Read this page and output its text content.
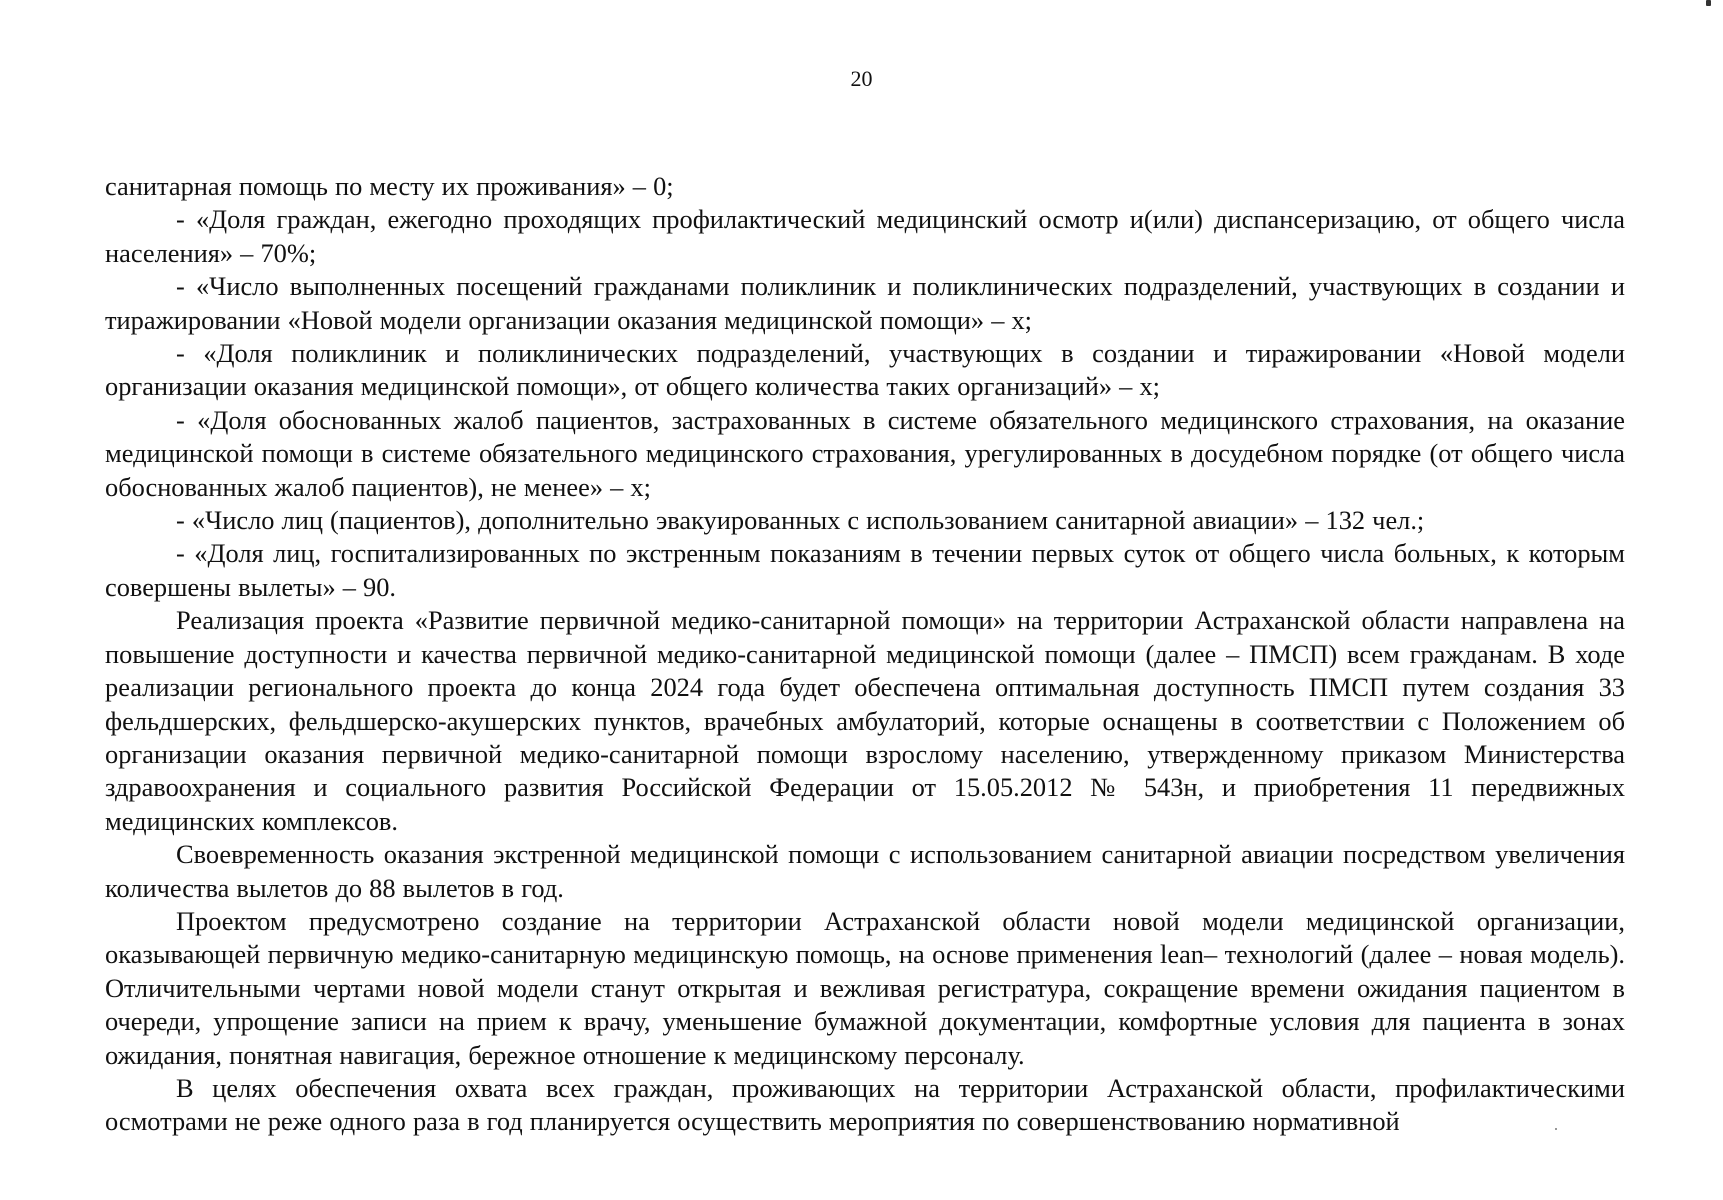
20

санитарная помощь по месту их проживания» – 0;

- «Доля граждан, ежегодно проходящих профилактический медицинский осмотр и(или) диспансеризацию, от общего числа населения» – 70%;

- «Число выполненных посещений гражданами поликлиник и поликлинических подразделений, участвующих в создании и тиражировании «Новой модели организации оказания медицинской помощи» – х;

- «Доля поликлиник и поликлинических подразделений, участвующих в создании и тиражировании «Новой модели организации оказания медицинской помощи», от общего количества таких организаций» – х;

- «Доля обоснованных жалоб пациентов, застрахованных в системе обязательного медицинского страхования, на оказание медицинской помощи в системе обязательного медицинского страхования, урегулированных в досудебном порядке (от общего числа обоснованных жалоб пациентов), не менее» – х;

- «Число лиц (пациентов), дополнительно эвакуированных с использованием санитарной авиации» – 132 чел.;

- «Доля лиц, госпитализированных по экстренным показаниям в течении первых суток от общего числа больных, к которым совершены вылеты» – 90.

Реализация проекта «Развитие первичной медико-санитарной помощи» на территории Астраханской области направлена на повышение доступности и качества первичной медико-санитарной медицинской помощи (далее – ПМСП) всем гражданам. В ходе реализации регионального проекта до конца 2024 года будет обеспечена оптимальная доступность ПМСП путем создания 33 фельдшерских, фельдшерско-акушерских пунктов, врачебных амбулаторий, которые оснащены в соответствии с Положением об организации оказания первичной медико-санитарной помощи взрослому населению, утвержденному приказом Министерства здравоохранения и социального развития Российской Федерации от 15.05.2012 № 543н, и приобретения 11 передвижных медицинских комплексов.

Своевременность оказания экстренной медицинской помощи с использованием санитарной авиации посредством увеличения количества вылетов до 88 вылетов в год.

Проектом предусмотрено создание на территории Астраханской области новой модели медицинской организации, оказывающей первичную медико-санитарную медицинскую помощь, на основе применения lean– технологий (далее – новая модель). Отличительными чертами новой модели станут открытая и вежливая регистратура, сокращение времени ожидания пациентом в очереди, упрощение записи на прием к врачу, уменьшение бумажной документации, комфортные условия для пациента в зонах ожидания, понятная навигация, бережное отношение к медицинскому персоналу.

В целях обеспечения охвата всех граждан, проживающих на территории Астраханской области, профилактическими осмотрами не реже одного раза в год планируется осуществить мероприятия по совершенствованию нормативной
